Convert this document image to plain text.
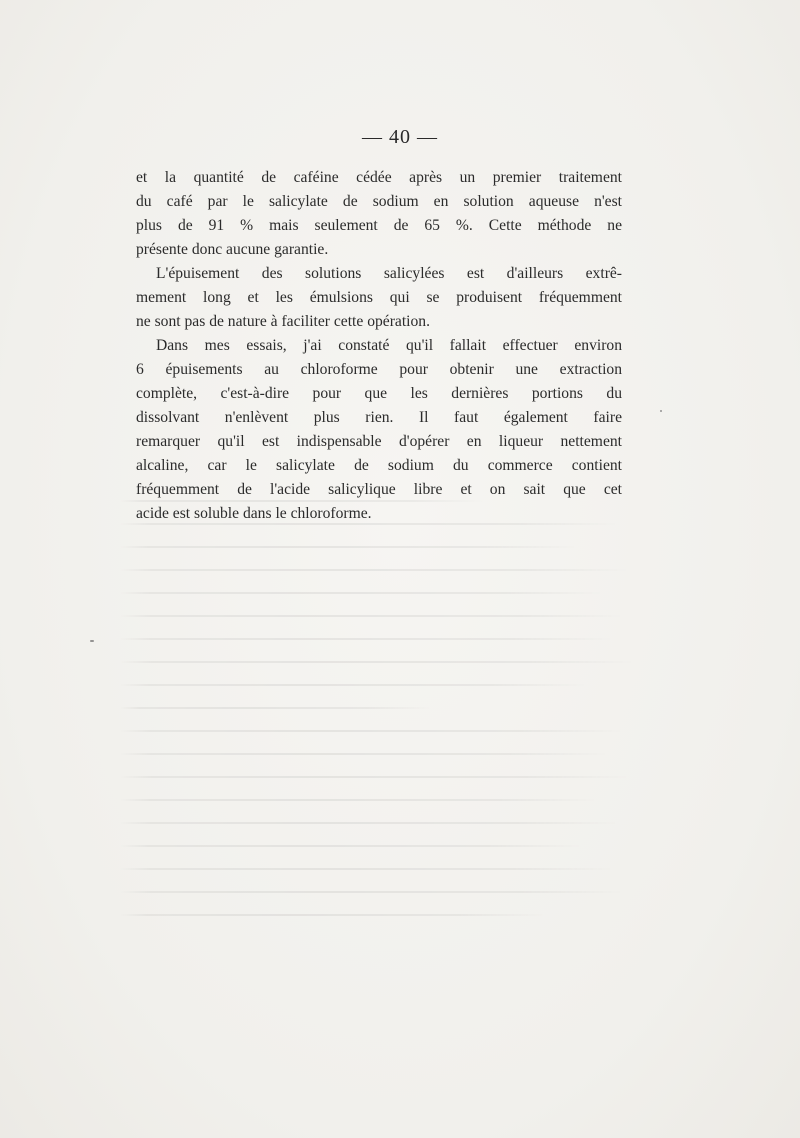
— 40 —
et la quantité de caféine cédée après un premier traitement
du café par le salicylate de sodium en solution aqueuse n'est
plus de 91 % mais seulement de 65 %. Cette méthode ne
présente donc aucune garantie.
L'épuisement des solutions salicylées est d'ailleurs extrê-
mement long et les émulsions qui se produisent fréquemment
ne sont pas de nature à faciliter cette opération.
Dans mes essais, j'ai constaté qu'il fallait effectuer environ
6 épuisements au chloroforme pour obtenir une extraction
complète, c'est-à-dire pour que les dernières portions du
dissolvant n'enlèvent plus rien. Il faut également faire
remarquer qu'il est indispensable d'opérer en liqueur nettement
alcaline, car le salicylate de sodium du commerce contient
fréquemment de l'acide salicylique libre et on sait que cet
acide est soluble dans le chloroforme.
